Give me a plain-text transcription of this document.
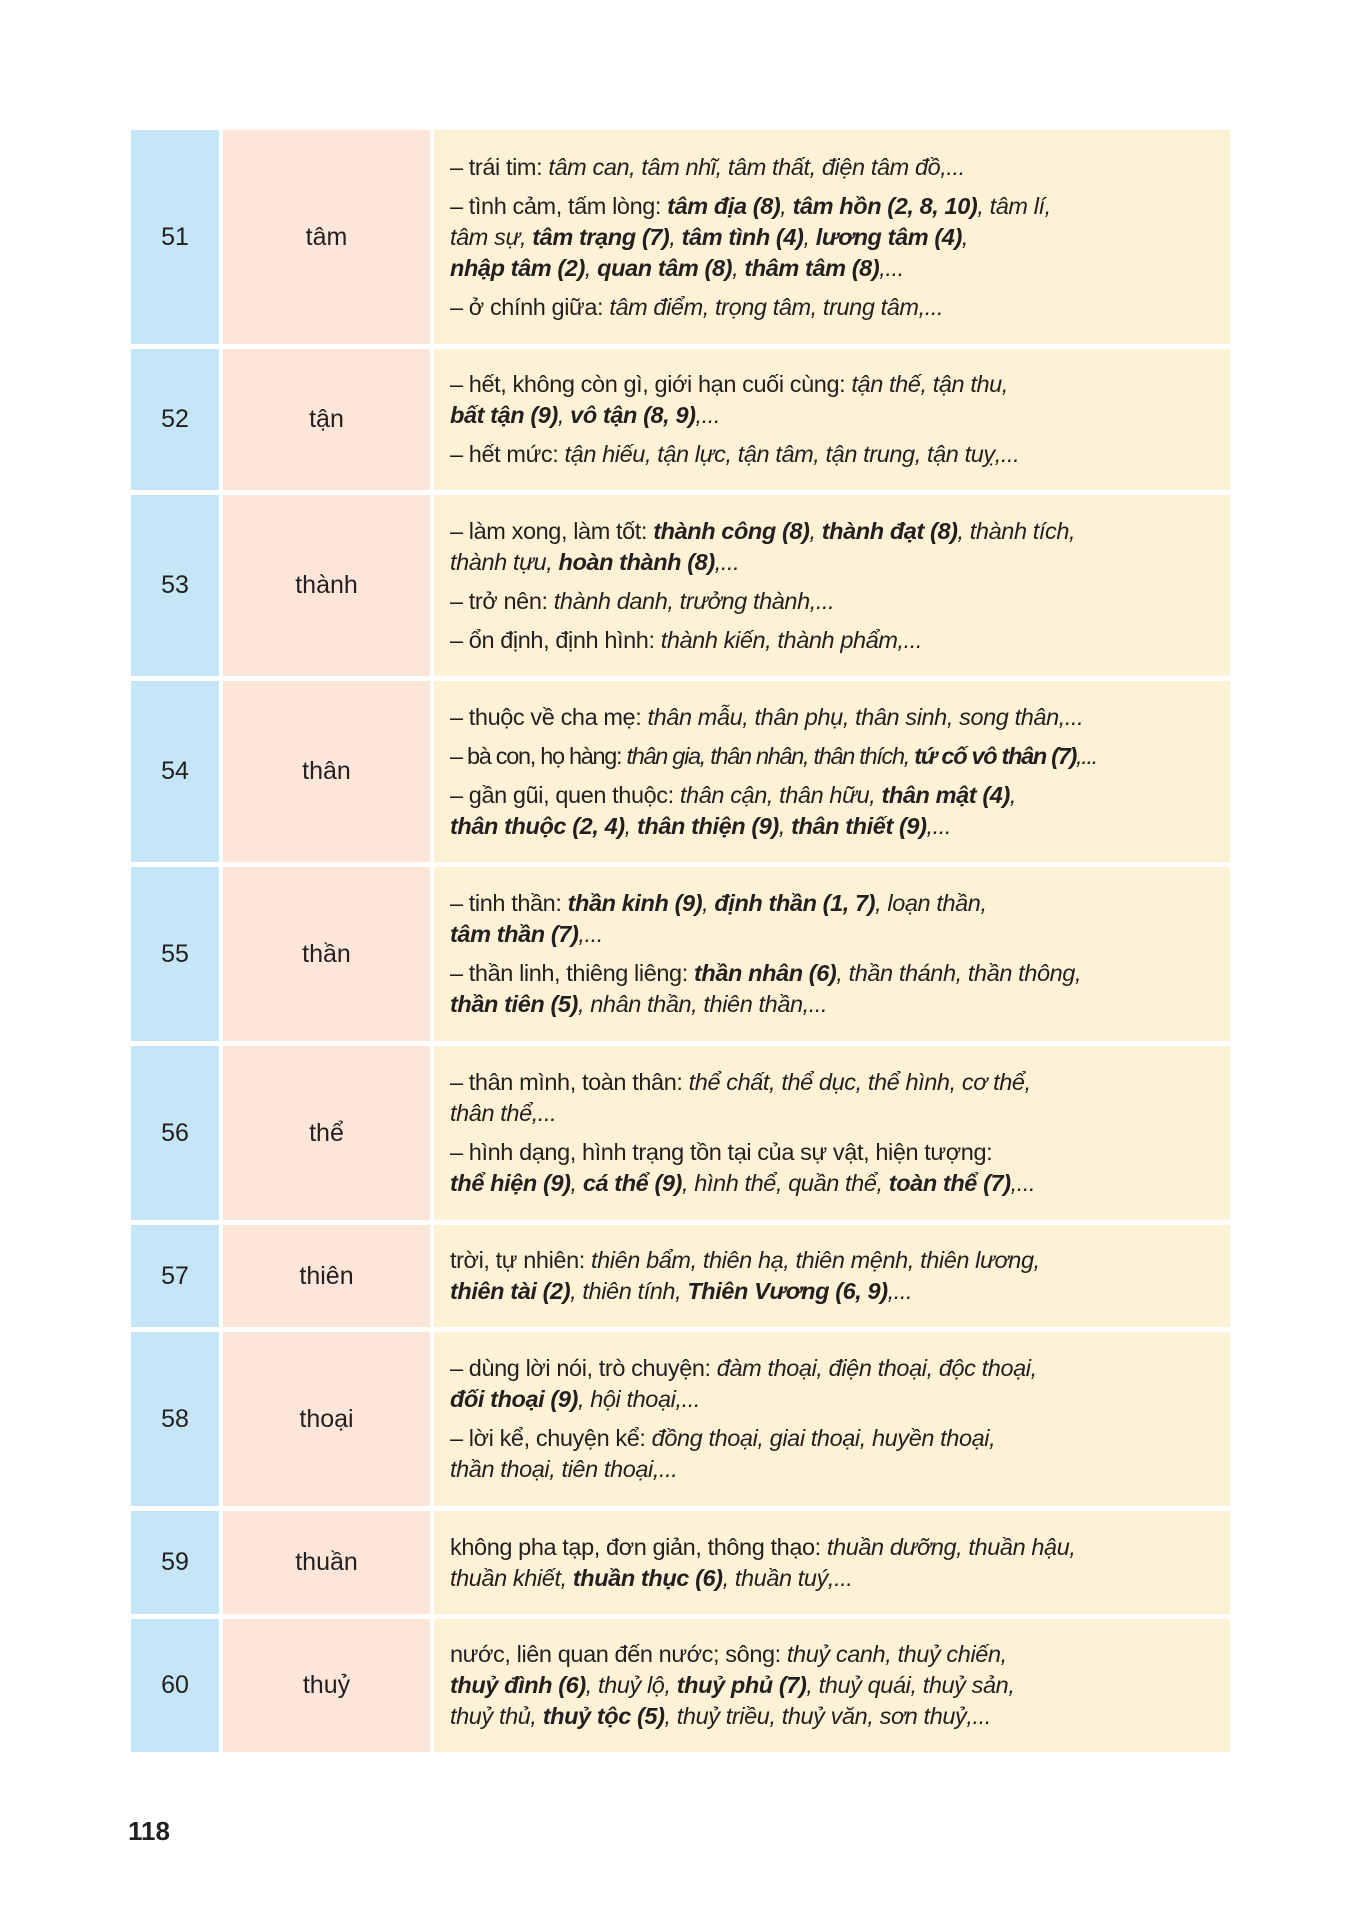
51	tâm
– trái tim: tâm can, tâm nhĩ, tâm thất, điện tâm đồ,...
– tình cảm, tấm lòng: tâm địa (8), tâm hồn (2, 8, 10), tâm lí,
tâm sự, tâm trạng (7), tâm tình (4), lương tâm (4),
nhập tâm (2), quan tâm (8), thâm tâm (8),...
– ở chính giữa: tâm điểm, trọng tâm, trung tâm,...
52	tận
– hết, không còn gì, giới hạn cuối cùng: tận thế, tận thu,
bất tận (9), vô tận (8, 9),...
– hết mức: tận hiếu, tận lực, tận tâm, tận trung, tận tuỵ,...
53	thành
– làm xong, làm tốt: thành công (8), thành đạt (8), thành tích,
thành tựu, hoàn thành (8),...
– trở nên: thành danh, trưởng thành,...
– ổn định, định hình: thành kiến, thành phẩm,...
54	thân
– thuộc về cha mẹ: thân mẫu, thân phụ, thân sinh, song thân,...
– bà con, họ hàng: thân gia, thân nhân, thân thích, tứ cố vô thân (7),...
– gần gũi, quen thuộc: thân cận, thân hữu, thân mật (4),
thân thuộc (2, 4), thân thiện (9), thân thiết (9),...
55	thần
– tinh thần: thần kinh (9), định thần (1, 7), loạn thần,
tâm thần (7),...
– thần linh, thiêng liêng: thần nhân (6), thần thánh, thần thông,
thần tiên (5), nhân thần, thiên thần,...
56	thể
– thân mình, toàn thân: thể chất, thể dục, thể hình, cơ thể,
thân thể,...
– hình dạng, hình trạng tồn tại của sự vật, hiện tượng:
thể hiện (9), cá thể (9), hình thể, quần thể, toàn thể (7),...
57	thiên
trời, tự nhiên: thiên bẩm, thiên hạ, thiên mệnh, thiên lương,
thiên tài (2), thiên tính, Thiên Vương (6, 9),...
58	thoại
– dùng lời nói, trò chuyện: đàm thoại, điện thoại, độc thoại,
đối thoại (9), hội thoại,...
– lời kể, chuyện kể: đồng thoại, giai thoại, huyền thoại,
thần thoại, tiên thoại,...
59	thuần
không pha tạp, đơn giản, thông thạo: thuần dưỡng, thuần hậu,
thuần khiết, thuần thục (6), thuần tuý,...
60	thuỷ
nước, liên quan đến nước; sông: thuỷ canh, thuỷ chiến,
thuỷ đình (6), thuỷ lộ, thuỷ phủ (7), thuỷ quái, thuỷ sản,
thuỷ thủ, thuỷ tộc (5), thuỷ triều, thuỷ văn, sơn thuỷ,...
118
